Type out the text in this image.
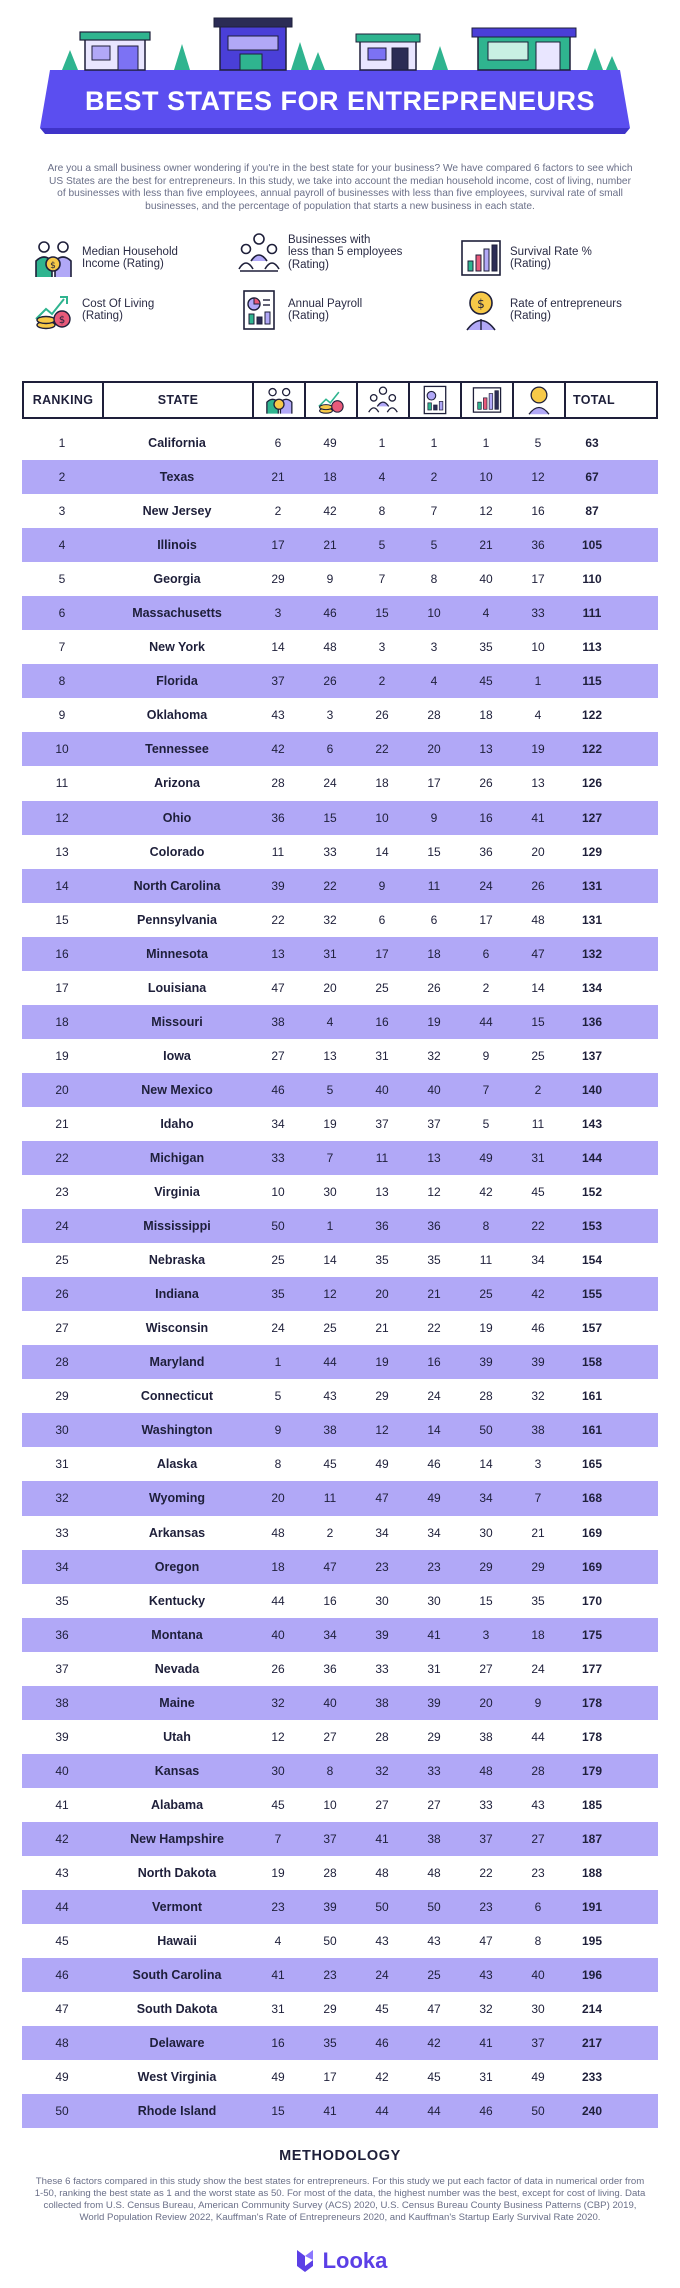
BEST STATES FOR ENTREPRENEURS
Are you a small business owner wondering if you're in the best state for your business? We have compared 6 factors to see which US States are the best for entrepreneurs. In this study, we take into account the median household income, cost of living, number of businesses with less than five employees, annual payroll of businesses with less than five employees, survival rate of small businesses, and the percentage of population that starts a new business in each state.
$
Median Household
Income (Rating)
Businesses with
less than 5 employees
(Rating)
Survival Rate %
(Rating)
$
Cost Of Living
(Rating)
Annual Payroll
(Rating)
$ Rate of entrepreneurs
(Rating)
RANKING	STATE	TOTAL
1	California	6	49	1	1	1	5	63
2	Texas	21	18	4	2	10	12	67
3	New Jersey	2	42	8	7	12	16	87
4	Illinois	17	21	5	5	21	36	105
5	Georgia	29	9	7	8	40	17	110
6	Massachusetts	3	46	15	10	4	33	111
7	New York	14	48	3	3	35	10	113
8	Florida	37	26	2	4	45	1	115
9	Oklahoma	43	3	26	28	18	4	122
10	Tennessee	42	6	22	20	13	19	122
11	Arizona	28	24	18	17	26	13	126
12	Ohio	36	15	10	9	16	41	127
13	Colorado	11	33	14	15	36	20	129
14	North Carolina	39	22	9	11	24	26	131
15	Pennsylvania	22	32	6	6	17	48	131
16	Minnesota	13	31	17	18	6	47	132
17	Louisiana	47	20	25	26	2	14	134
18	Missouri	38	4	16	19	44	15	136
19	Iowa	27	13	31	32	9	25	137
20	New Mexico	46	5	40	40	7	2	140
21	Idaho	34	19	37	37	5	11	143
22	Michigan	33	7	11	13	49	31	144
23	Virginia	10	30	13	12	42	45	152
24	Mississippi	50	1	36	36	8	22	153
25	Nebraska	25	14	35	35	11	34	154
26	Indiana	35	12	20	21	25	42	155
27	Wisconsin	24	25	21	22	19	46	157
28	Maryland	1	44	19	16	39	39	158
29	Connecticut	5	43	29	24	28	32	161
30	Washington	9	38	12	14	50	38	161
31	Alaska	8	45	49	46	14	3	165
32	Wyoming	20	11	47	49	34	7	168
33	Arkansas	48	2	34	34	30	21	169
34	Oregon	18	47	23	23	29	29	169
35	Kentucky	44	16	30	30	15	35	170
36	Montana	40	34	39	41	3	18	175
37	Nevada	26	36	33	31	27	24	177
38	Maine	32	40	38	39	20	9	178
39	Utah	12	27	28	29	38	44	178
40	Kansas	30	8	32	33	48	28	179
41	Alabama	45	10	27	27	33	43	185
42	New Hampshire	7	37	41	38	37	27	187
43	North Dakota	19	28	48	48	22	23	188
44	Vermont	23	39	50	50	23	6	191
45	Hawaii	4	50	43	43	47	8	195
46	South Carolina	41	23	24	25	43	40	196
47	South Dakota	31	29	45	47	32	30	214
48	Delaware	16	35	46	42	41	37	217
49	West Virginia	49	17	42	45	31	49	233
50	Rhode Island	15	41	44	44	46	50	240
METHODOLOGY
These 6 factors compared in this study show the best states for entrepreneurs. For this study we put each factor of data in numerical order from 1-50, ranking the best state as 1 and the worst state as 50. For most of the data, the highest number was the best, except for cost of living. Data collected from U.S. Census Bureau, American Community Survey (ACS) 2020, U.S. Census Bureau County Business Patterns (CBP) 2019, World Population Review 2022, Kauffman's Rate of Entrepreneurs 2020, and Kauffman's Startup Early Survival Rate 2020.
Looka
